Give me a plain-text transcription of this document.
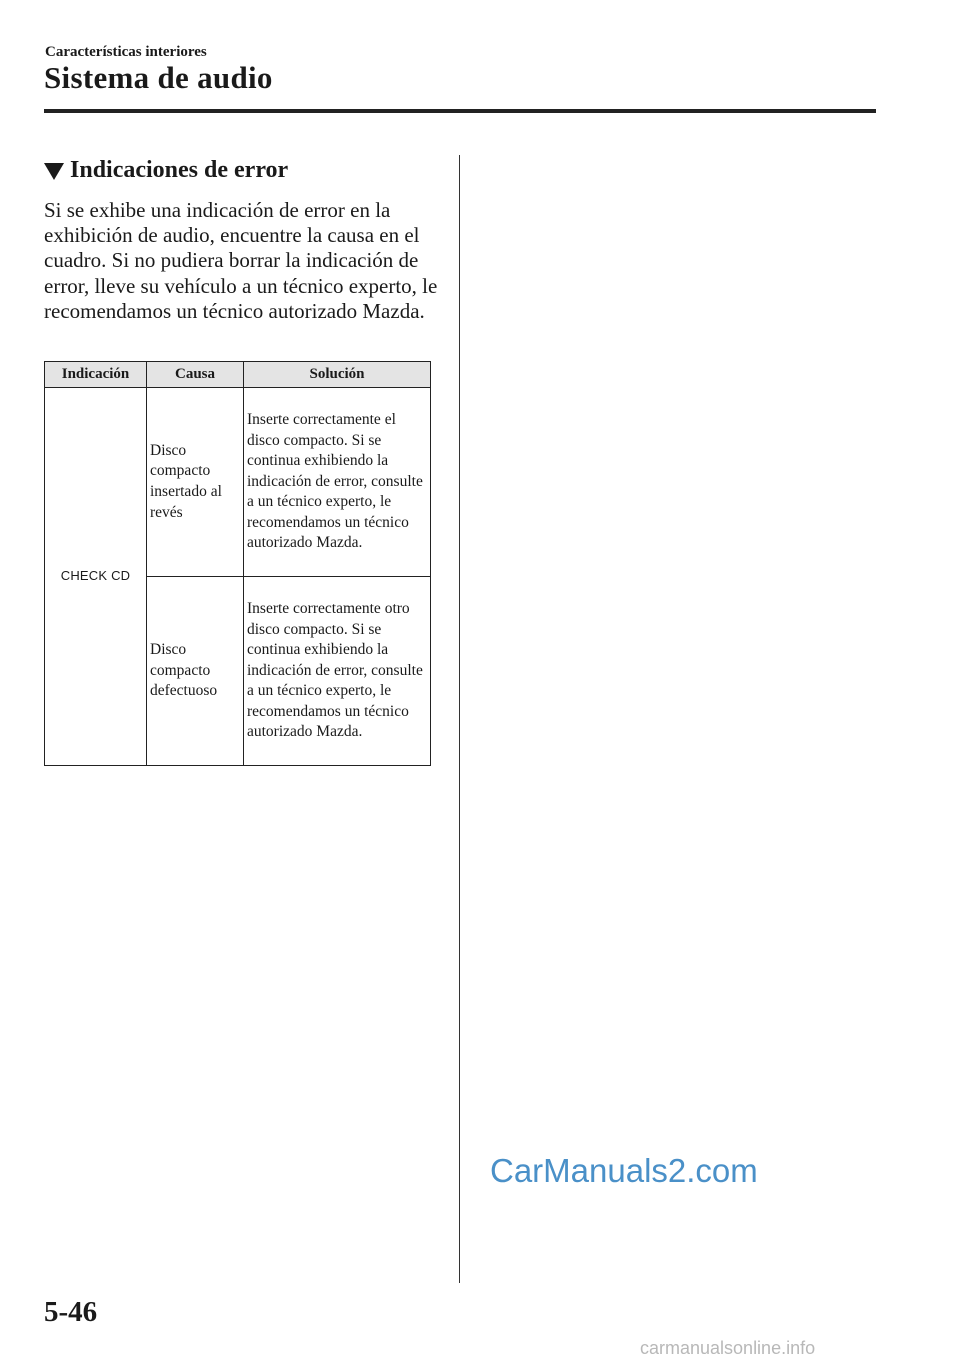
Características interiores
Sistema de audio
Indicaciones de error

Si se exhibe una indicación de error en la exhibición de audio, encuentre la causa en el cuadro. Si no pudiera borrar la indicación de error, lleve su vehículo a un técnico experto, le recomendamos un técnico autorizado Mazda.

Indicación	Causa	Solución
CHECK CD	Disco compacto insertado al revés	Inserte correctamente el disco compacto. Si se continua exhibiendo la indicación de error, consulte a un técnico experto, le recomendamos un técnico autorizado Mazda.
	Disco compacto defectuoso	Inserte correctamente otro disco compacto. Si se continua exhibiendo la indicación de error, consulte a un técnico experto, le recomendamos un técnico autorizado Mazda.
5-46
CarManuals2.com
carmanualsonline.info
